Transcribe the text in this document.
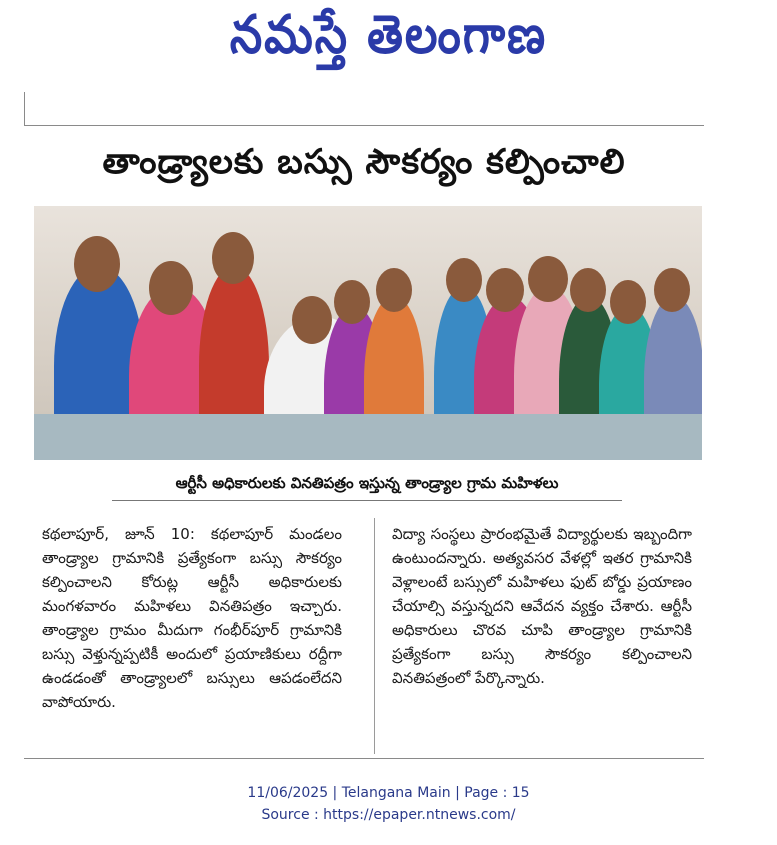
నమస్తే తెలంగాణ
తాండ్ర్యాలకు బస్సు సౌకర్యం కల్పించాలి
ఆర్టీసీ అధికారులకు వినతిపత్రం ఇస్తున్న తాండ్ర్యాల గ్రామ మహిళలు
కథలాపూర్, జూన్ 10: కథలాపూర్ మండలం తాండ్ర్యాల గ్రామానికి ప్రత్యేకంగా బస్సు సౌకర్యం కల్పించాలని కోరుట్ల ఆర్టీసీ అధికారులకు మంగళవారం మహిళలు వినతిపత్రం ఇచ్చారు. తాండ్ర్యాల గ్రామం మీదుగా గంభీర్‌పూర్ గ్రామానికి బస్సు వెళ్తున్నప్పటికీ అందులో ప్రయాణికులు రద్దీగా ఉండడంతో తాండ్ర్యాలలో బస్సులు ఆపడంలేదని వాపోయారు.
విద్యా సంస్థలు ప్రారంభమైతే విద్యార్థులకు ఇబ్బందిగా ఉంటుందన్నారు. అత్యవసర వేళల్లో ఇతర గ్రామానికి వెళ్లాలంటే బస్సులో మహిళలు ఫుట్ బోర్డు ప్రయాణం చేయాల్సి వస్తున్నదని ఆవేదన వ్యక్తం చేశారు. ఆర్టీసీ అధికారులు చొరవ చూపి తాండ్ర్యాల గ్రామానికి ప్రత్యేకంగా బస్సు సౌకర్యం కల్పించాలని వినతిపత్రంలో పేర్కొన్నారు.
11/06/2025 | Telangana Main | Page : 15
Source : https://epaper.ntnews.com/
